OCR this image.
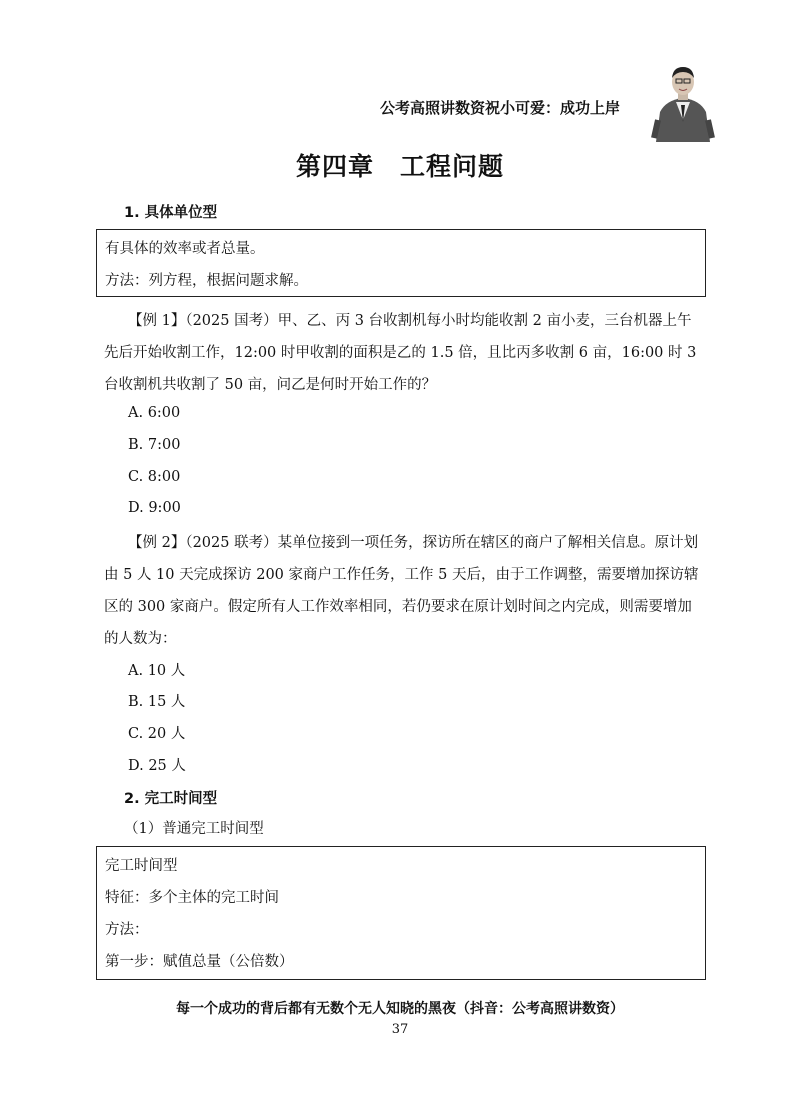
公考高照讲数资祝小可爱：成功上岸
第四章　工程问题
1. 具体单位型
有具体的效率或者总量。
方法：列方程，根据问题求解。
【例 1】（2025 国考）甲、乙、丙 3 台收割机每小时均能收割 2 亩小麦，三台机器上午先后开始收割工作，12:00 时甲收割的面积是乙的 1.5 倍，且比丙多收割 6 亩，16:00 时 3 台收割机共收割了 50 亩，问乙是何时开始工作的？
A. 6:00
B. 7:00
C. 8:00
D. 9:00
【例 2】（2025 联考）某单位接到一项任务，探访所在辖区的商户了解相关信息。原计划由 5 人 10 天完成探访 200 家商户工作任务，工作 5 天后，由于工作调整，需要增加探访辖区的 300 家商户。假定所有人工作效率相同，若仍要求在原计划时间之内完成，则需要增加的人数为：
A. 10 人
B. 15 人
C. 20 人
D. 25 人
2. 完工时间型
（1）普通完工时间型
完工时间型
特征：多个主体的完工时间
方法：
第一步：赋值总量（公倍数）
每一个成功的背后都有无数个无人知晓的黑夜（抖音：公考高照讲数资）
37
